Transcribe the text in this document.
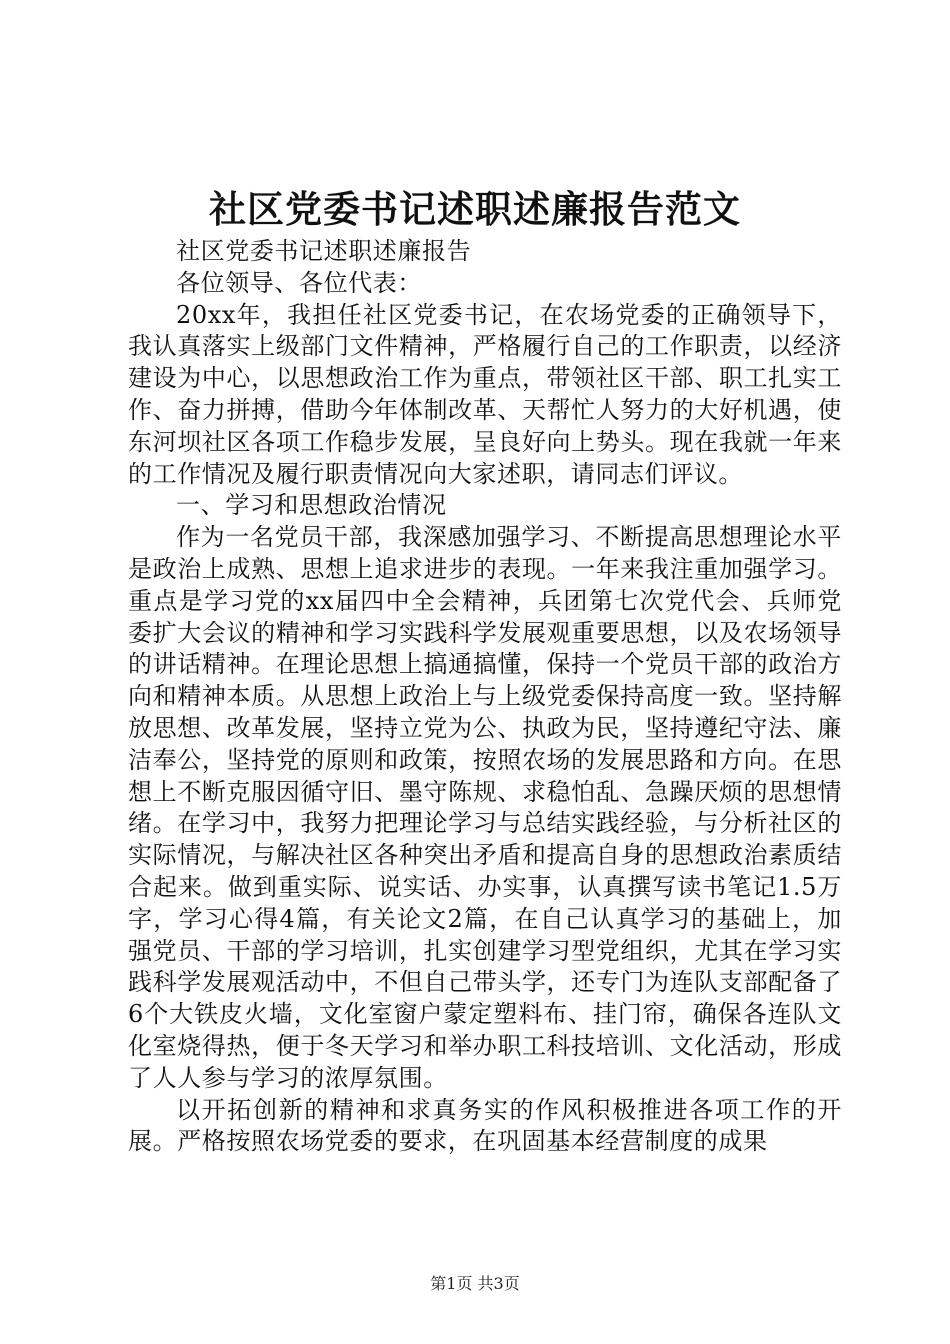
社区党委书记述职述廉报告范文

社区党委书记述职述廉报告

各位领导、各位代表：

20xx年，我担任社区党委书记，在农场党委的正确领导下，我认真落实上级部门文件精神，严格履行自己的工作职责，以经济建设为中心，以思想政治工作为重点，带领社区干部、职工扎实工作、奋力拼搏，借助今年体制改革、天帮忙人努力的大好机遇，使东河坝社区各项工作稳步发展，呈良好向上势头。现在我就一年来的工作情况及履行职责情况向大家述职，请同志们评议。

一、学习和思想政治情况

作为一名党员干部，我深感加强学习、不断提高思想理论水平是政治上成熟、思想上追求进步的表现。一年来我注重加强学习。重点是学习党的xx届四中全会精神，兵团第七次党代会、兵师党委扩大会议的精神和学习实践科学发展观重要思想，以及农场领导的讲话精神。在理论思想上搞通搞懂，保持一个党员干部的政治方向和精神本质。从思想上政治上与上级党委保持高度一致。坚持解放思想、改革发展，坚持立党为公、执政为民，坚持遵纪守法、廉洁奉公，坚持党的原则和政策，按照农场的发展思路和方向。在思想上不断克服因循守旧、墨守陈规、求稳怕乱、急躁厌烦的思想情绪。在学习中，我努力把理论学习与总结实践经验，与分析社区的实际情况，与解决社区各种突出矛盾和提高自身的思想政治素质结合起来。做到重实际、说实话、办实事，认真撰写读书笔记1.5万字，学习心得4篇，有关论文2篇，在自己认真学习的基础上，加强党员、干部的学习培训，扎实创建学习型党组织，尤其在学习实践科学发展观活动中，不但自己带头学，还专门为连队支部配备了6个大铁皮火墙，文化室窗户蒙定塑料布、挂门帘，确保各连队文化室烧得热，便于冬天学习和举办职工科技培训、文化活动，形成了人人参与学习的浓厚氛围。

以开拓创新的精神和求真务实的作风积极推进各项工作的开展。严格按照农场党委的要求，在巩固基本经营制度的成果

第1页 共3页
